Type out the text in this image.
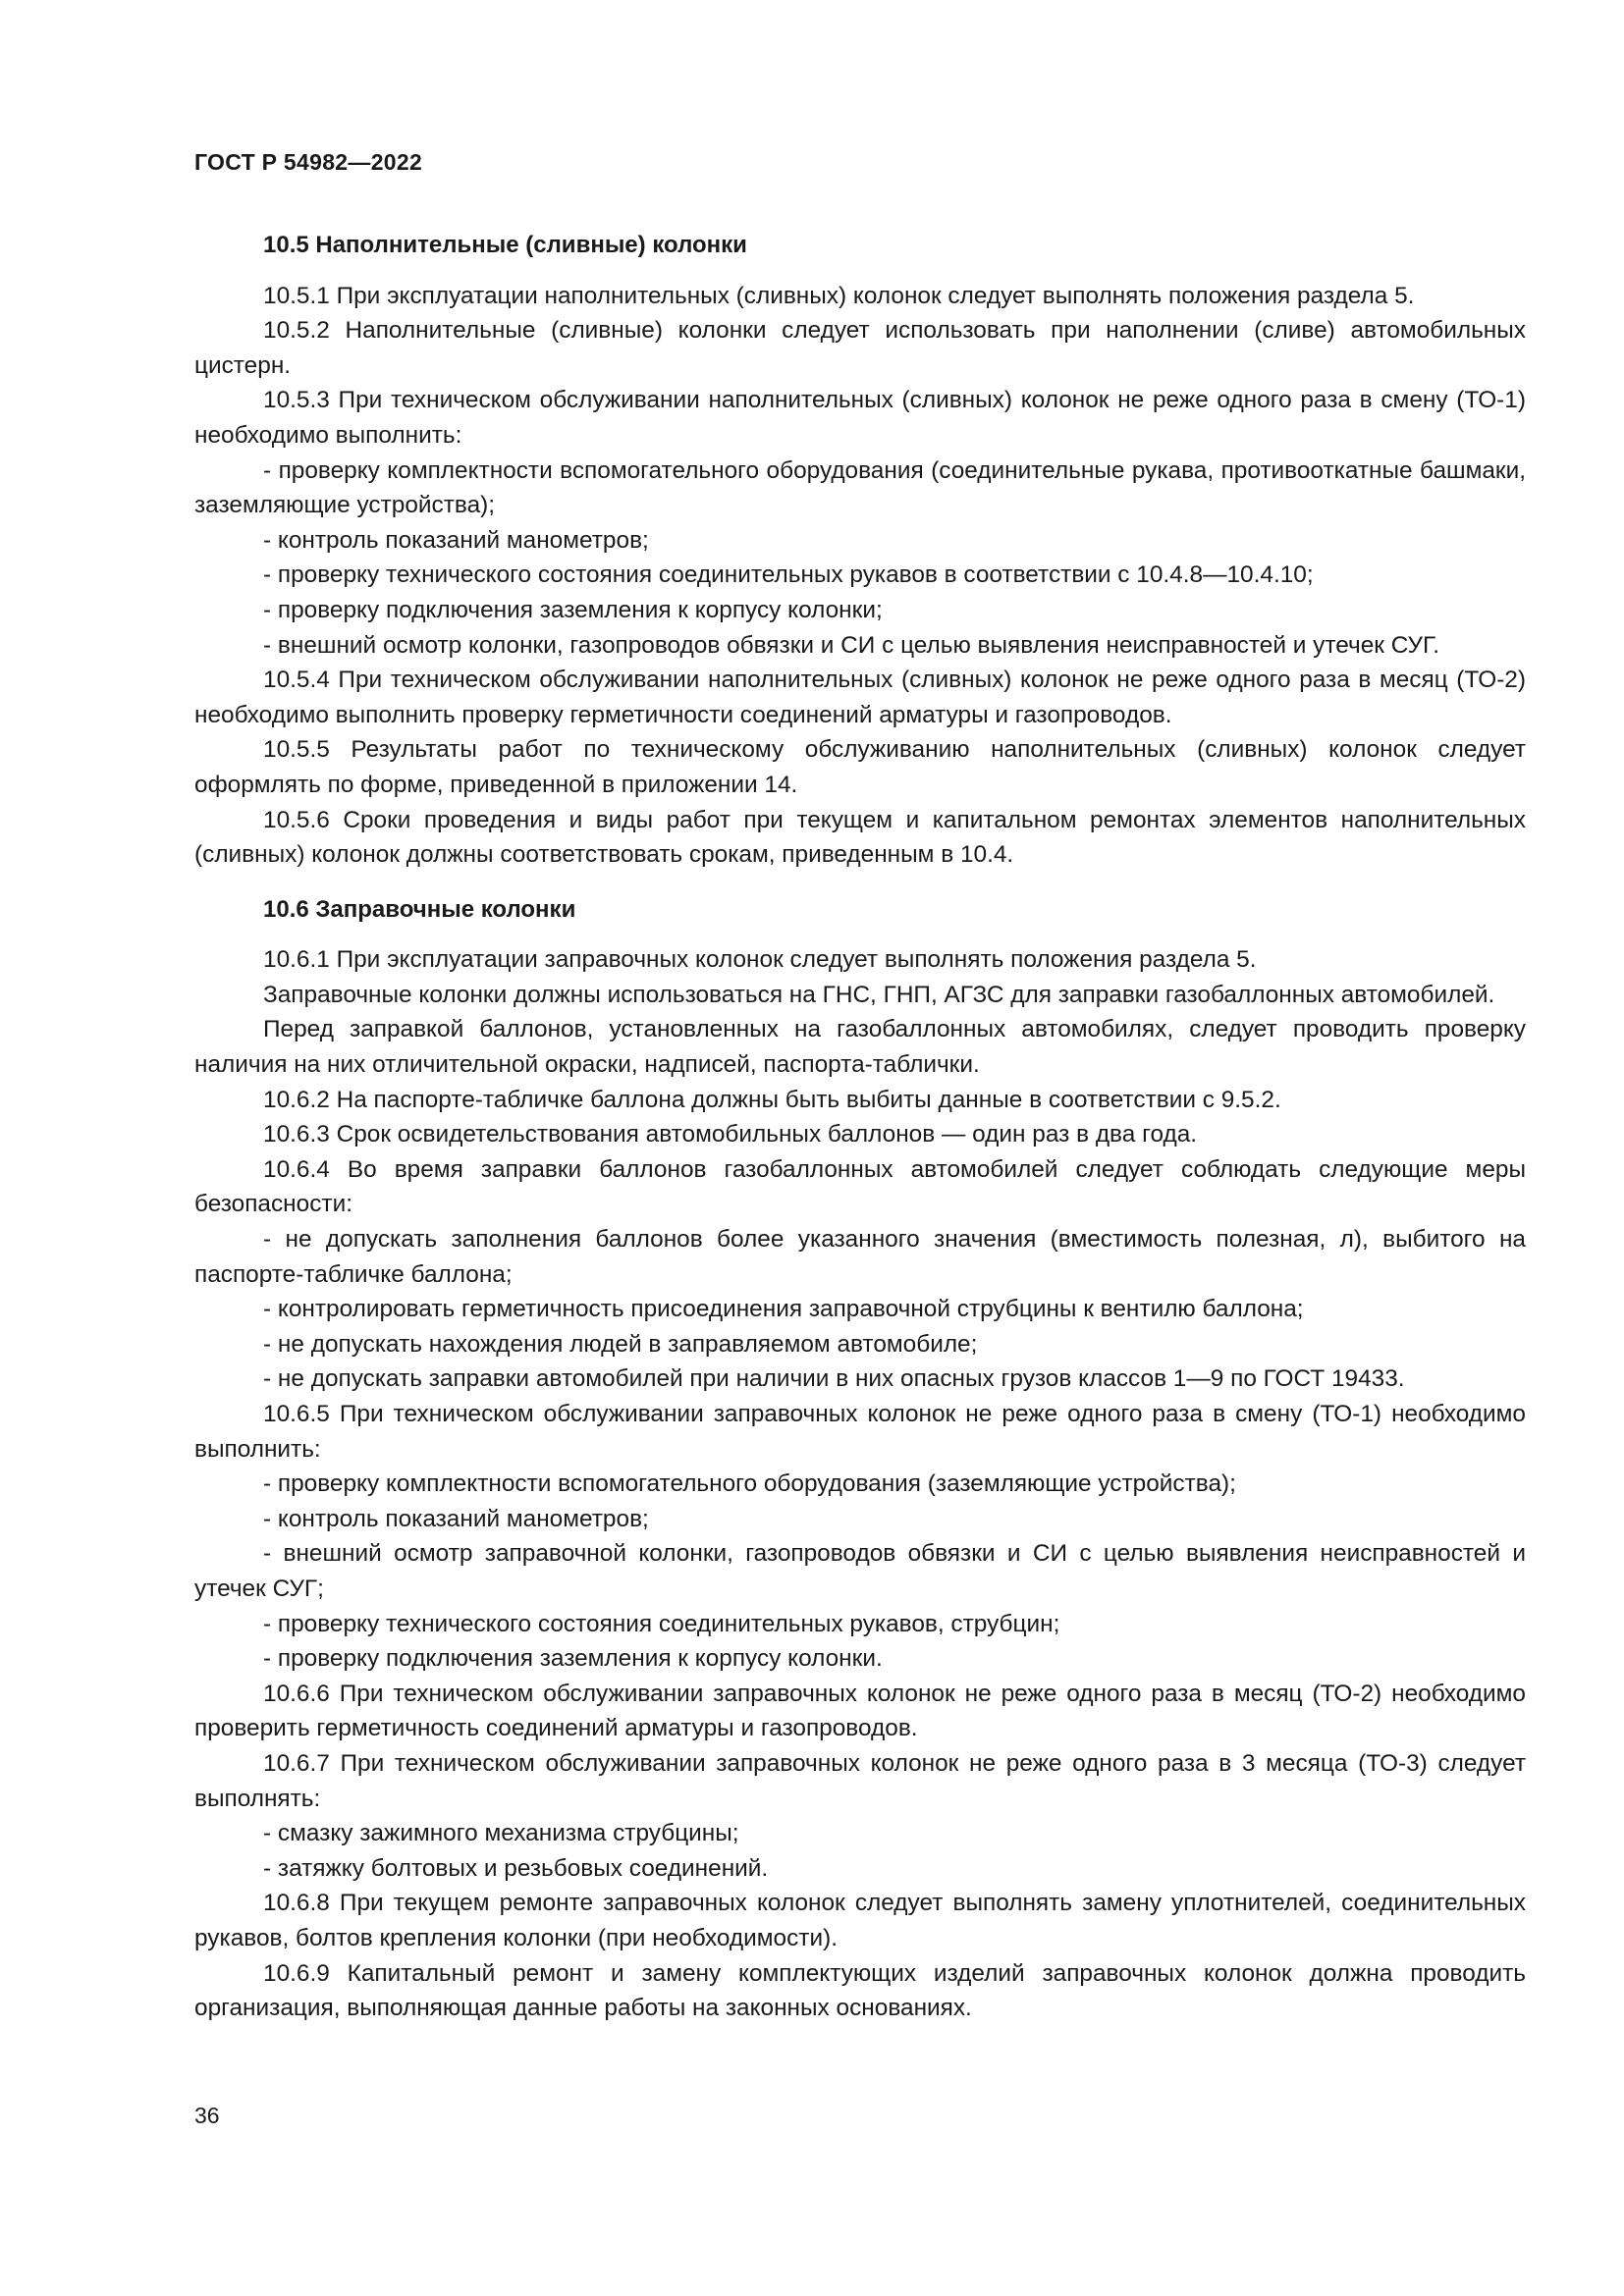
ГОСТ Р 54982—2022
10.5 Наполнительные (сливные) колонки

10.5.1 При эксплуатации наполнительных (сливных) колонок следует выполнять положения раздела 5.

10.5.2 Наполнительные (сливные) колонки следует использовать при наполнении (сливе) автомобильных цистерн.

10.5.3 При техническом обслуживании наполнительных (сливных) колонок не реже одного раза в смену (ТО-1) необходимо выполнить:

- проверку комплектности вспомогательного оборудования (соединительные рукава, противооткатные башмаки, заземляющие устройства);

- контроль показаний манометров;

- проверку технического состояния соединительных рукавов в соответствии с 10.4.8—10.4.10;

- проверку подключения заземления к корпусу колонки;

- внешний осмотр колонки, газопроводов обвязки и СИ с целью выявления неисправностей и утечек СУГ.

10.5.4 При техническом обслуживании наполнительных (сливных) колонок не реже одного раза в месяц (ТО-2) необходимо выполнить проверку герметичности соединений арматуры и газопроводов.

10.5.5 Результаты работ по техническому обслуживанию наполнительных (сливных) колонок следует оформлять по форме, приведенной в приложении 14.

10.5.6 Сроки проведения и виды работ при текущем и капитальном ремонтах элементов наполнительных (сливных) колонок должны соответствовать срокам, приведенным в 10.4.

10.6 Заправочные колонки

10.6.1 При эксплуатации заправочных колонок следует выполнять положения раздела 5.

Заправочные колонки должны использоваться на ГНС, ГНП, АГЗС для заправки газобаллонных автомобилей.

Перед заправкой баллонов, установленных на газобаллонных автомобилях, следует проводить проверку наличия на них отличительной окраски, надписей, паспорта-таблички.

10.6.2 На паспорте-табличке баллона должны быть выбиты данные в соответствии с 9.5.2.

10.6.3 Срок освидетельствования автомобильных баллонов — один раз в два года.

10.6.4 Во время заправки баллонов газобаллонных автомобилей следует соблюдать следующие меры безопасности:

- не допускать заполнения баллонов более указанного значения (вместимость полезная, л), выбитого на паспорте-табличке баллона;

- контролировать герметичность присоединения заправочной струбцины к вентилю баллона;

- не допускать нахождения людей в заправляемом автомобиле;

- не допускать заправки автомобилей при наличии в них опасных грузов классов 1—9 по ГОСТ 19433.

10.6.5 При техническом обслуживании заправочных колонок не реже одного раза в смену (ТО-1) необходимо выполнить:

- проверку комплектности вспомогательного оборудования (заземляющие устройства);

- контроль показаний манометров;

- внешний осмотр заправочной колонки, газопроводов обвязки и СИ с целью выявления неисправностей и утечек СУГ;

- проверку технического состояния соединительных рукавов, струбцин;

- проверку подключения заземления к корпусу колонки.

10.6.6 При техническом обслуживании заправочных колонок не реже одного раза в месяц (ТО-2) необходимо проверить герметичность соединений арматуры и газопроводов.

10.6.7 При техническом обслуживании заправочных колонок не реже одного раза в 3 месяца (ТО-3) следует выполнять:

- смазку зажимного механизма струбцины;

- затяжку болтовых и резьбовых соединений.

10.6.8 При текущем ремонте заправочных колонок следует выполнять замену уплотнителей, соединительных рукавов, болтов крепления колонки (при необходимости).

10.6.9 Капитальный ремонт и замену комплектующих изделий заправочных колонок должна проводить организация, выполняющая данные работы на законных основаниях.

36
